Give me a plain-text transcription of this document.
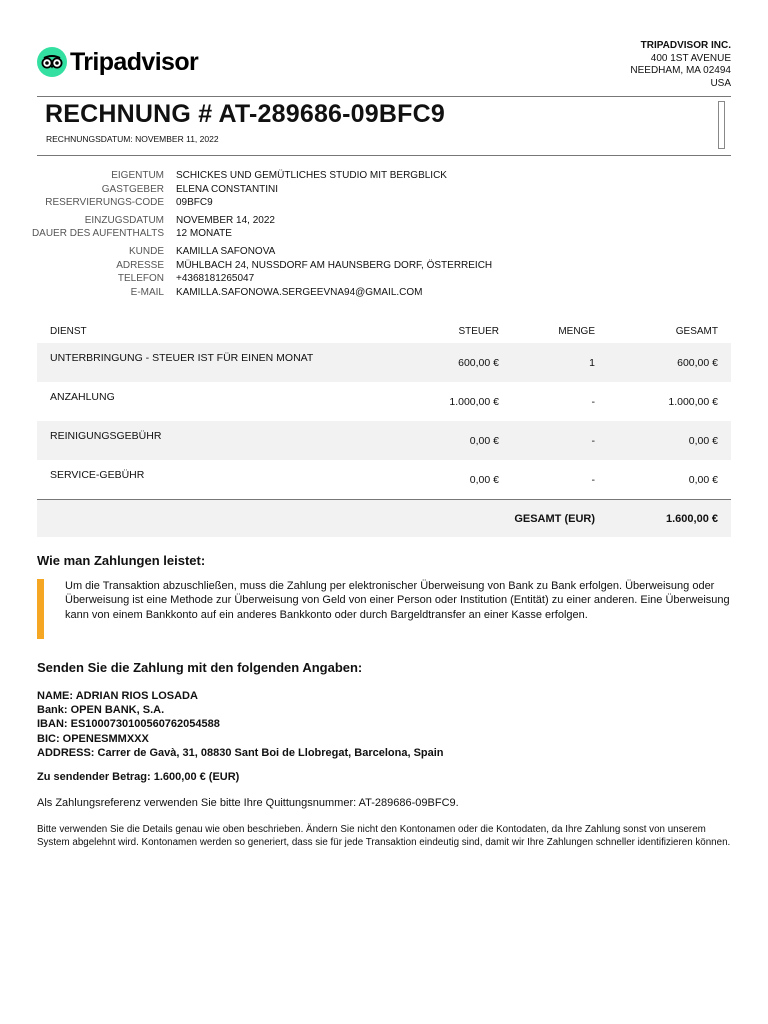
Tripadvisor
TRIPADVISOR INC.
400 1ST AVENUE
NEEDHAM, MA 02494
USA
RECHNUNG # AT-289686-09BFC9
RECHNUNGSDATUM: NOVEMBER 11, 2022
EIGENTUM	SCHICKES UND GEMÜTLICHES STUDIO MIT BERGBLICK
GASTGEBER	ELENA CONSTANTINI
RESERVIERUNGS-CODE	09BFC9
EINZUGSDATUM	NOVEMBER 14, 2022
DAUER DES AUFENTHALTS	12 MONATE
KUNDE	KAMILLA SAFONOVA
ADRESSE	MÜHLBACH 24, NUSSDORF AM HAUNSBERG DORF, ÖSTERREICH
TELEFON	+4368181265047
E-MAIL	KAMILLA.SAFONOWA.SERGEEVNA94@GMAIL.COM
DIENST	STEUER	MENGE	GESAMT
UNTERBRINGUNG - STEUER IST FÜR EINEN MONAT	600,00 €	1	600,00 €
ANZAHLUNG	1.000,00 €	-	1.000,00 €
REINIGUNGSGEBÜHR	0,00 €	-	0,00 €
SERVICE-GEBÜHR	0,00 €	-	0,00 €
GESAMT (EUR)	1.600,00 €
Wie man Zahlungen leistet:

Um die Transaktion abzuschließen, muss die Zahlung per elektronischer Überweisung von Bank zu Bank erfolgen. Überweisung oder Überweisung ist eine Methode zur Überweisung von Geld von einer Person oder Institution (Entität) zu einer anderen. Eine Überweisung kann von einem Bankkonto auf ein anderes Bankkonto oder durch Bargeldtransfer an einer Kasse erfolgen.

Senden Sie die Zahlung mit den folgenden Angaben:
NAME: ADRIAN RIOS LOSADA
Bank: OPEN BANK, S.A.
IBAN: ES1000730100560762054588
BIC: OPENESMMXXX
ADDRESS: Carrer de Gavà, 31, 08830 Sant Boi de Llobregat, Barcelona, Spain
Zu sendender Betrag: 1.600,00 € (EUR)
Als Zahlungsreferenz verwenden Sie bitte Ihre Quittungsnummer: AT-289686-09BFC9.
Bitte verwenden Sie die Details genau wie oben beschrieben. Ändern Sie nicht den Kontonamen oder die Kontodaten, da Ihre Zahlung sonst von unserem System abgelehnt wird. Kontonamen werden so generiert, dass sie für jede Transaktion eindeutig sind, damit wir Ihre Zahlungen schneller identifizieren können.
